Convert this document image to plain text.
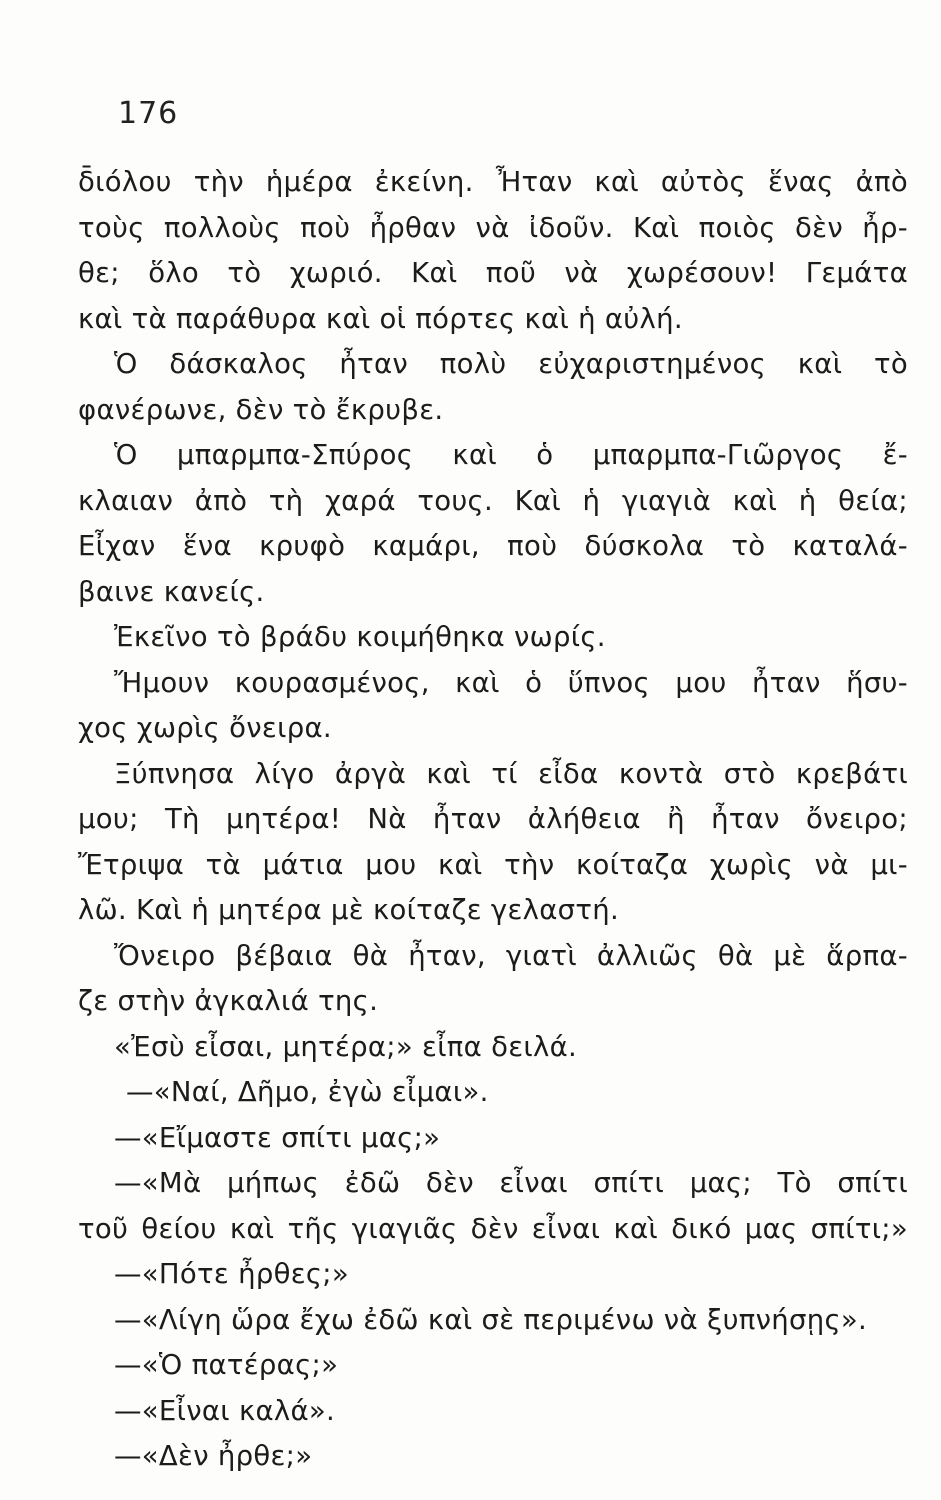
176
δ̄ιόλου τὴν ἡμέρα ἐκείνη. Ἦταν καὶ αὐτὸς ἕνας ἀπὸ
τοὺς πολλοὺς ποὺ ἦρθαν νὰ ἰδοῦν. Καὶ ποιὸς δὲν ἦρ-
θε; ὅλο τὸ χωριό. Καὶ ποῦ νὰ χωρέσουν! Γεμάτα
καὶ τὰ παράθυρα καὶ οἱ πόρτες καὶ ἡ αὐλή.
Ὁ δάσκαλος ἦταν πολὺ εὐχαριστημένος καὶ τὸ
φανέρωνε, δὲν τὸ ἔκρυβε.
Ὁ μπαρμπα-Σπύρος καὶ ὁ μπαρμπα-Γιῶργος ἔ-
κλαιαν ἀπὸ τὴ χαρά τους. Καὶ ἡ γιαγιὰ καὶ ἡ θεία;
Εἶχαν ἕνα κρυφὸ καμάρι, ποὺ δύσκολα τὸ καταλά-
βαινε κανείς.
Ἐκεῖνο τὸ βράδυ κοιμήθηκα νωρίς.
Ἤμουν κουρασμένος, καὶ ὁ ὕπνος μου ἦταν ἥσυ-
χος χωρὶς ὄνειρα.
Ξύπνησα λίγο ἀργὰ καὶ τί εἶδα κοντὰ στὸ κρεβάτι
μου; Τὴ μητέρα! Νὰ ἦταν ἀλήθεια ἢ ἦταν ὄνειρο;
Ἔτριψα τὰ μάτια μου καὶ τὴν κοίταζα χωρὶς νὰ μι-
λῶ. Καὶ ἡ μητέρα μὲ κοίταζε γελαστή.
Ὄνειρο βέβαια θὰ ἦταν, γιατὶ ἀλλιῶς θὰ μὲ ἅρπα-
ζε στὴν ἀγκαλιά της.
«Ἐσὺ εἶσαι, μητέρα;» εἶπα δειλά.
—«Ναί, Δῆμο, ἐγὼ εἶμαι».
—«Εἴμαστε σπίτι μας;»
—«Μὰ μήπως ἐδῶ δὲν εἶναι σπίτι μας; Τὸ σπίτι
τοῦ θείου καὶ τῆς γιαγιᾶς δὲν εἶναι καὶ δικό μας σπίτι;»
—«Πότε ἦρθες;»
—«Λίγη ὥρα ἔχω ἐδῶ καὶ σὲ περιμένω νὰ ξυπνήσῃς».
—«Ὁ πατέρας;»
—«Εἶναι καλά».
—«Δὲν ἦρθε;»
